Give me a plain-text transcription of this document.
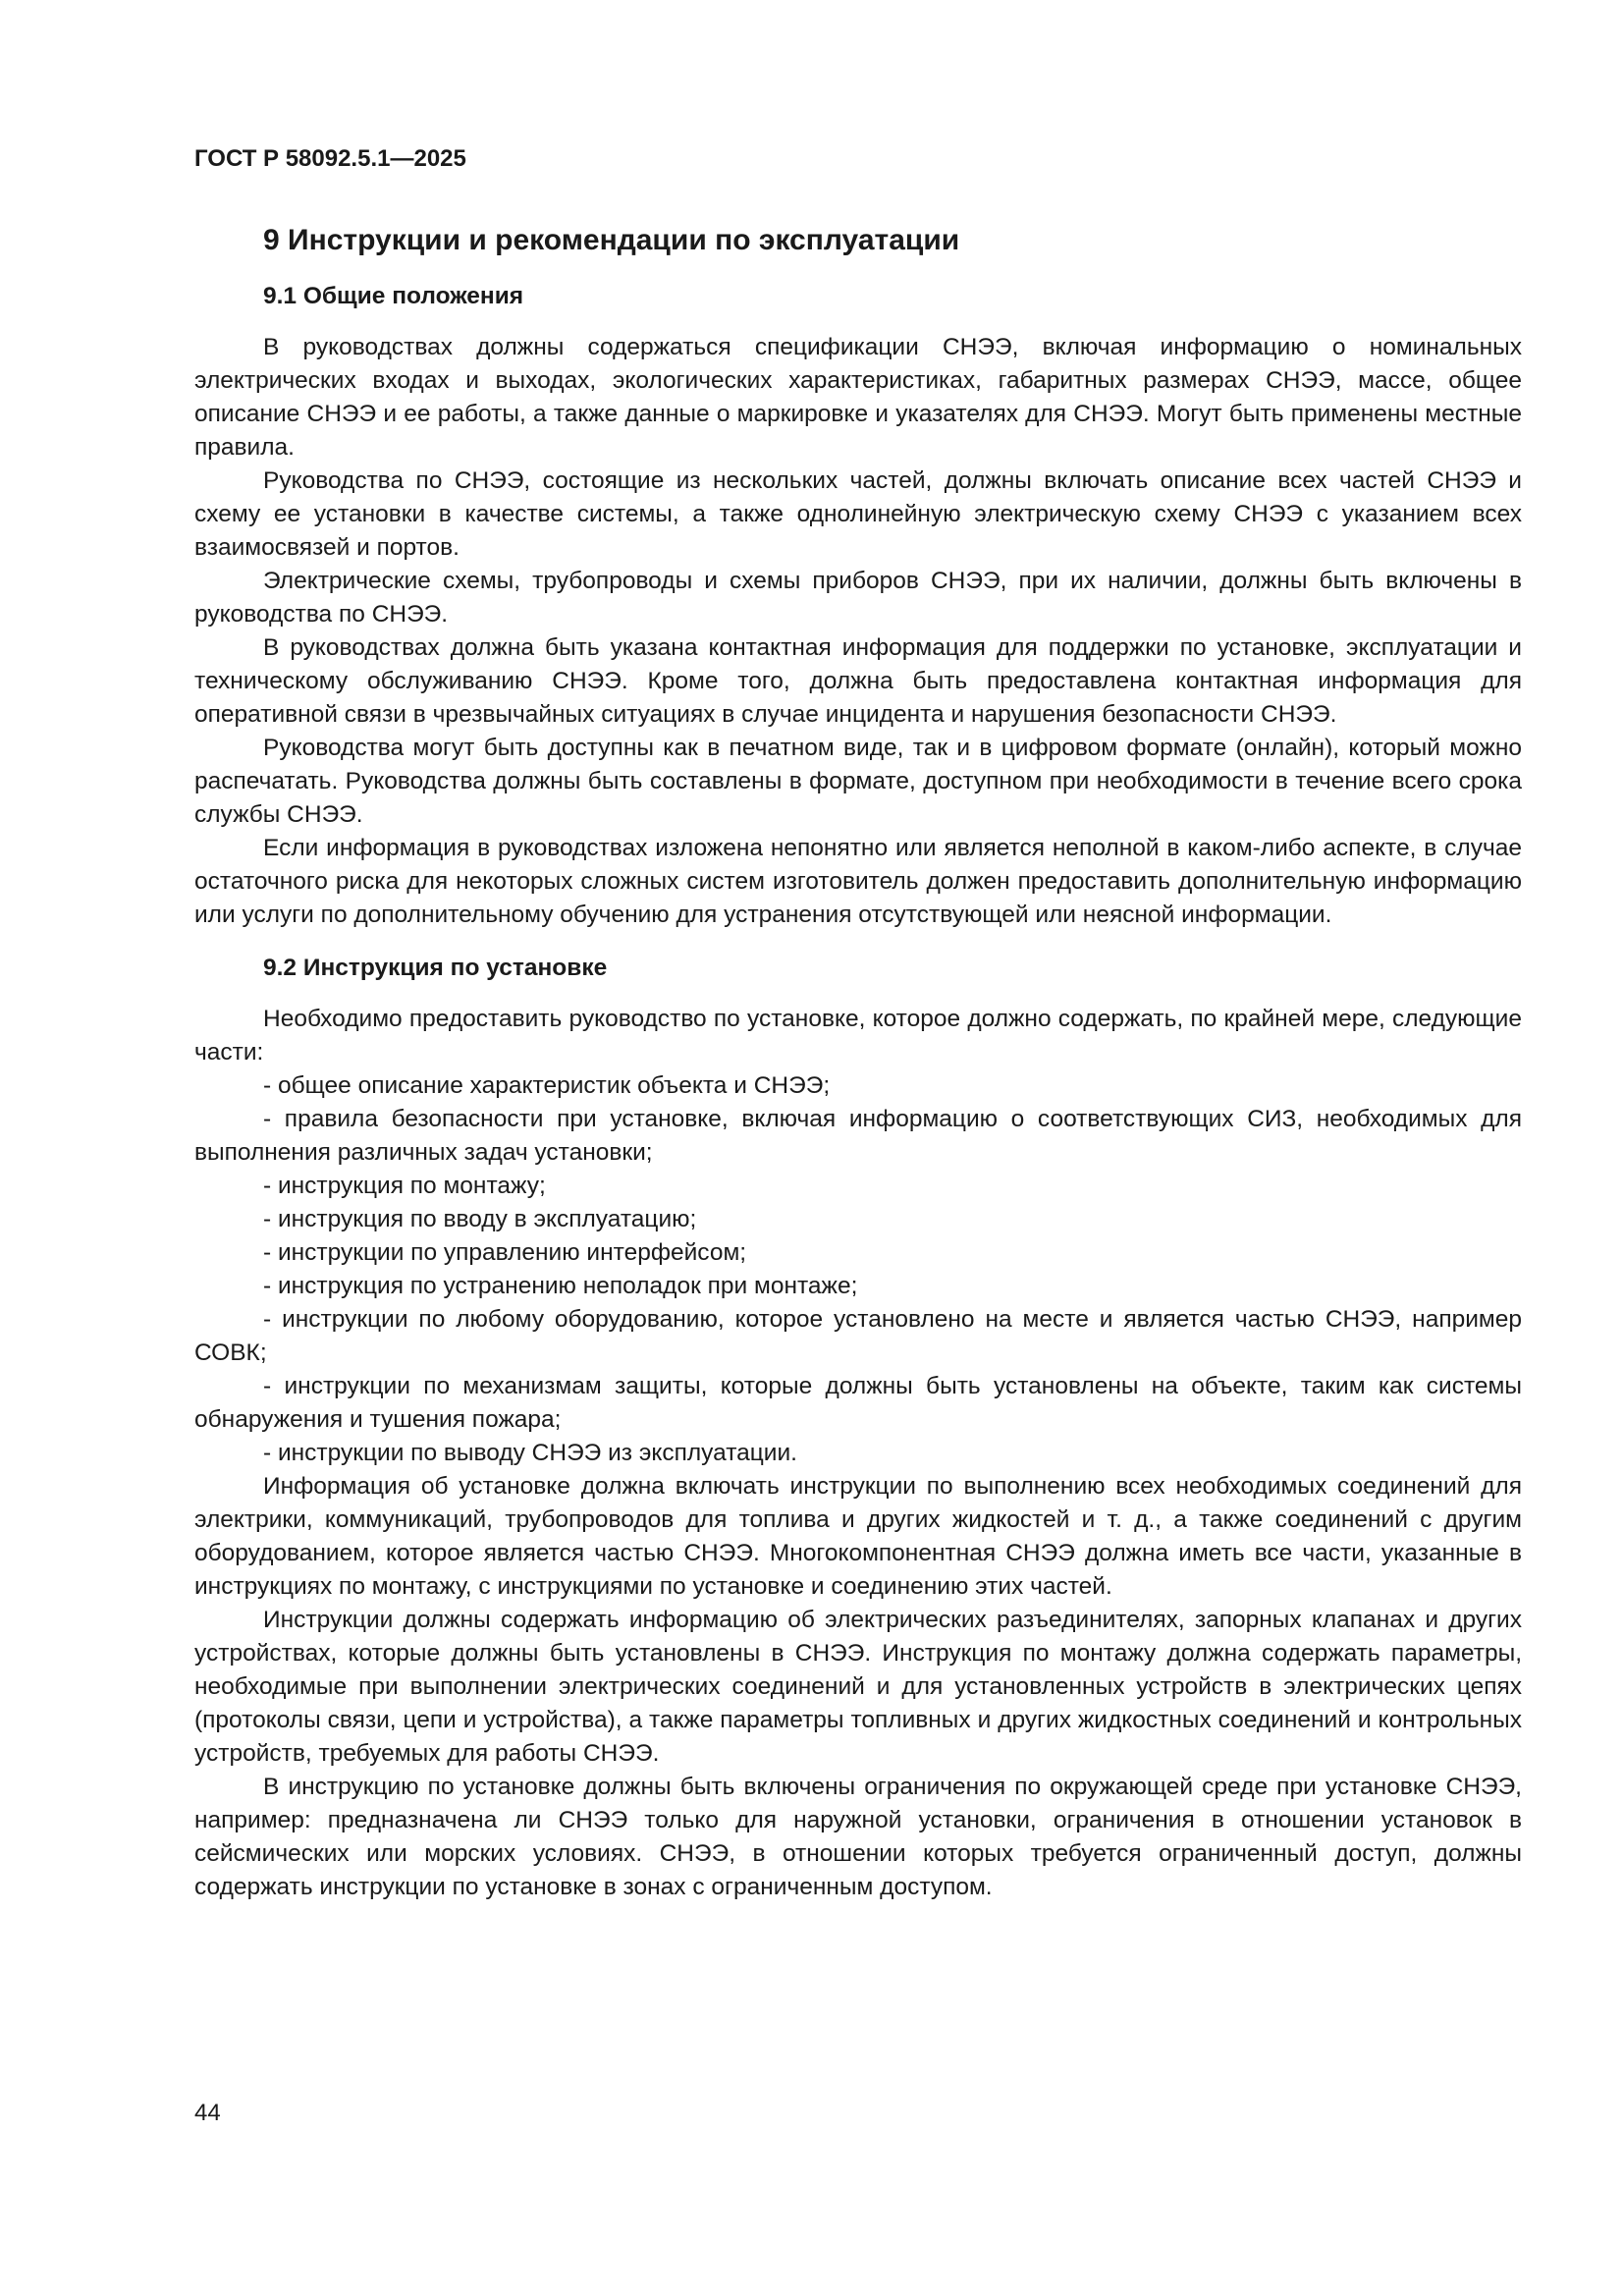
ГОСТ Р 58092.5.1—2025
9 Инструкции и рекомендации по эксплуатации
9.1 Общие положения

В руководствах должны содержаться спецификации СНЭЭ, включая информацию о номинальных электрических входах и выходах, экологических характеристиках, габаритных размерах СНЭЭ, массе, общее описание СНЭЭ и ее работы, а также данные о маркировке и указателях для СНЭЭ. Могут быть применены местные правила.

Руководства по СНЭЭ, состоящие из нескольких частей, должны включать описание всех частей СНЭЭ и схему ее установки в качестве системы, а также однолинейную электрическую схему СНЭЭ с указанием всех взаимосвязей и портов.

Электрические схемы, трубопроводы и схемы приборов СНЭЭ, при их наличии, должны быть включены в руководства по СНЭЭ.

В руководствах должна быть указана контактная информация для поддержки по установке, эксплуатации и техническому обслуживанию СНЭЭ. Кроме того, должна быть предоставлена контактная информация для оперативной связи в чрезвычайных ситуациях в случае инцидента и нарушения безопасности СНЭЭ.

Руководства могут быть доступны как в печатном виде, так и в цифровом формате (онлайн), который можно распечатать. Руководства должны быть составлены в формате, доступном при необходимости в течение всего срока службы СНЭЭ.

Если информация в руководствах изложена непонятно или является неполной в каком-либо аспекте, в случае остаточного риска для некоторых сложных систем изготовитель должен предоставить дополнительную информацию или услуги по дополнительному обучению для устранения отсутствующей или неясной информации.

9.2 Инструкция по установке

Необходимо предоставить руководство по установке, которое должно содержать, по крайней мере, следующие части:

- общее описание характеристик объекта и СНЭЭ;

- правила безопасности при установке, включая информацию о соответствующих СИЗ, необходимых для выполнения различных задач установки;

- инструкция по монтажу;

- инструкция по вводу в эксплуатацию;

- инструкции по управлению интерфейсом;

- инструкция по устранению неполадок при монтаже;

- инструкции по любому оборудованию, которое установлено на месте и является частью СНЭЭ, например СОВК;

- инструкции по механизмам защиты, которые должны быть установлены на объекте, таким как системы обнаружения и тушения пожара;

- инструкции по выводу СНЭЭ из эксплуатации.

Информация об установке должна включать инструкции по выполнению всех необходимых соединений для электрики, коммуникаций, трубопроводов для топлива и других жидкостей и т. д., а также соединений с другим оборудованием, которое является частью СНЭЭ. Многокомпонентная СНЭЭ должна иметь все части, указанные в инструкциях по монтажу, с инструкциями по установке и соединению этих частей.

Инструкции должны содержать информацию об электрических разъединителях, запорных клапанах и других устройствах, которые должны быть установлены в СНЭЭ. Инструкция по монтажу должна содержать параметры, необходимые при выполнении электрических соединений и для установленных устройств в электрических цепях (протоколы связи, цепи и устройства), а также параметры топливных и других жидкостных соединений и контрольных устройств, требуемых для работы СНЭЭ.

В инструкцию по установке должны быть включены ограничения по окружающей среде при установке СНЭЭ, например: предназначена ли СНЭЭ только для наружной установки, ограничения в отношении установок в сейсмических или морских условиях. СНЭЭ, в отношении которых требуется ограниченный доступ, должны содержать инструкции по установке в зонах с ограниченным доступом.

44
